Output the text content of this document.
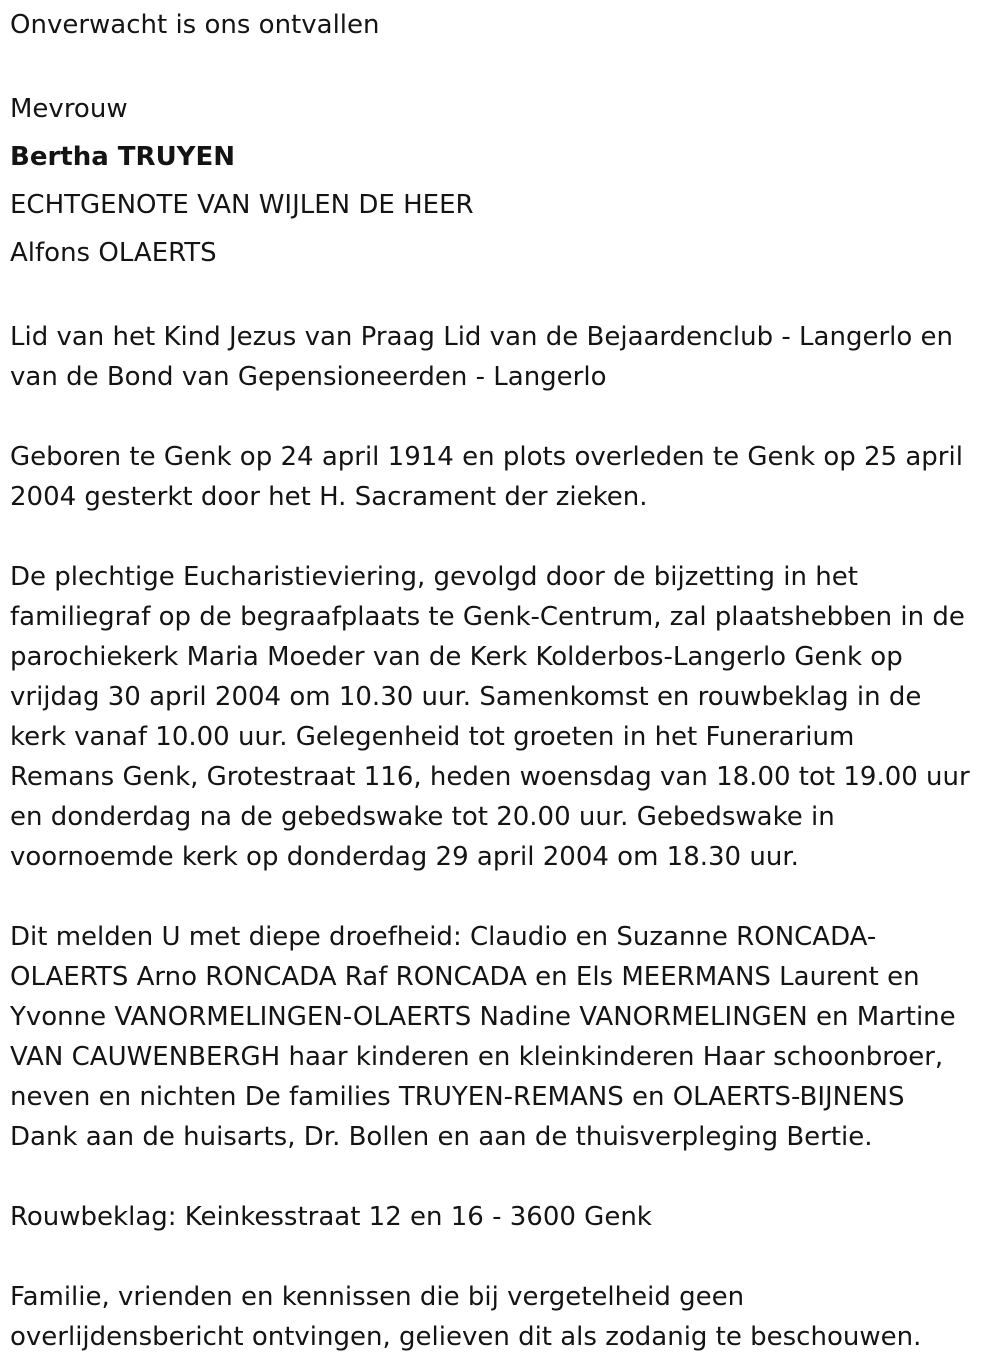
Onverwacht is ons ontvallen

Mevrouw

Bertha TRUYEN

ECHTGENOTE VAN WIJLEN DE HEER

Alfons OLAERTS

Lid van het Kind Jezus van Praag Lid van de Bejaardenclub - Langerlo en
van de Bond van Gepensioneerden - Langerlo

Geboren te Genk op 24 april 1914 en plots overleden te Genk op 25 april
2004 gesterkt door het H. Sacrament der zieken.

De plechtige Eucharistieviering, gevolgd door de bijzetting in het
familiegraf op de begraafplaats te Genk-Centrum, zal plaatshebben in de
parochiekerk Maria Moeder van de Kerk Kolderbos-Langerlo Genk op
vrijdag 30 april 2004 om 10.30 uur. Samenkomst en rouwbeklag in de
kerk vanaf 10.00 uur. Gelegenheid tot groeten in het Funerarium
Remans Genk, Grotestraat 116, heden woensdag van 18.00 tot 19.00 uur
en donderdag na de gebedswake tot 20.00 uur. Gebedswake in
voornoemde kerk op donderdag 29 april 2004 om 18.30 uur.

Dit melden U met diepe droefheid: Claudio en Suzanne RONCADA-
OLAERTS Arno RONCADA Raf RONCADA en Els MEERMANS Laurent en
Yvonne VANORMELINGEN-OLAERTS Nadine VANORMELINGEN en Martine
VAN CAUWENBERGH haar kinderen en kleinkinderen Haar schoonbroer,
neven en nichten De families TRUYEN-REMANS en OLAERTS-BIJNENS
Dank aan de huisarts, Dr. Bollen en aan de thuisverpleging Bertie.

Rouwbeklag: Keinkesstraat 12 en 16 - 3600 Genk

Familie, vrienden en kennissen die bij vergetelheid geen
overlijdensbericht ontvingen, gelieven dit als zodanig te beschouwen.
